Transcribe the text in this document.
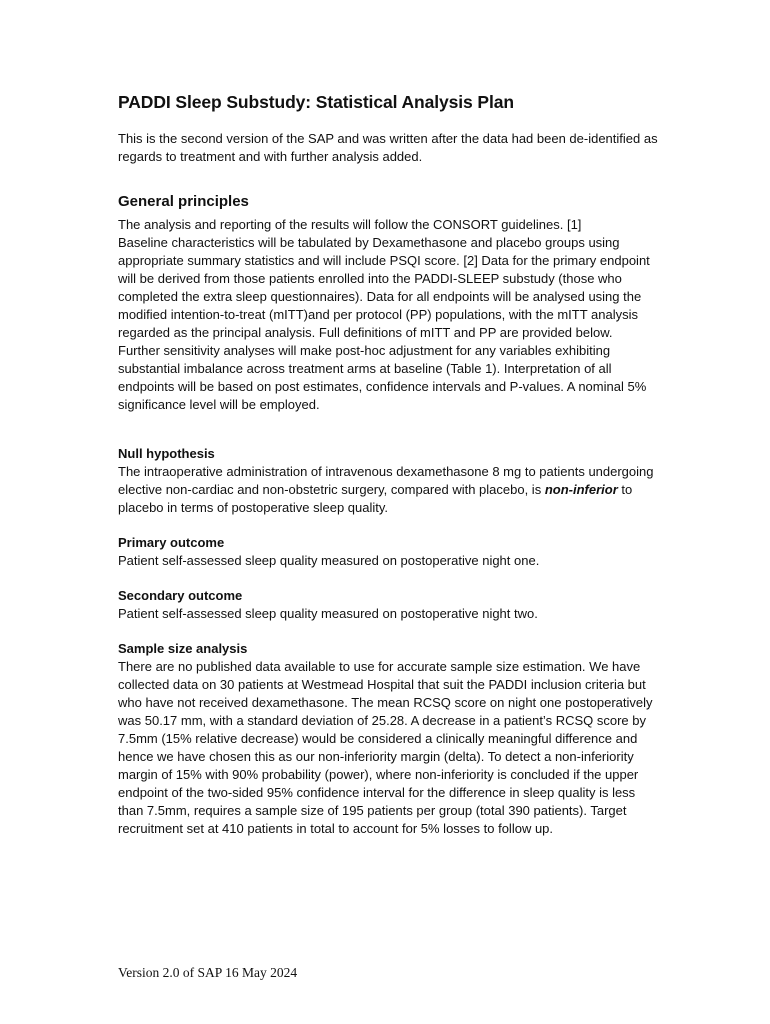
PADDI Sleep Substudy: Statistical Analysis Plan

This is the second version of the SAP and was written after the data had been de-identified as regards to treatment and with further analysis added.

General principles

The analysis and reporting of the results will follow the CONSORT guidelines. [1]

Baseline characteristics will be tabulated by Dexamethasone and placebo groups using appropriate summary statistics and will include PSQI score. [2] Data for the primary endpoint will be derived from those patients enrolled into the PADDI-SLEEP substudy (those who completed the extra sleep questionnaires). Data for all endpoints will be analysed using the modified intention-to-treat (mITT)and per protocol (PP) populations, with the mITT analysis regarded as the principal analysis. Full definitions of mITT and PP are provided below.

Further sensitivity analyses will make post-hoc adjustment for any variables exhibiting substantial imbalance across treatment arms at baseline (Table 1). Interpretation of all endpoints will be based on post estimates, confidence intervals and P-values. A nominal 5% significance level will be employed.

Null hypothesis

The intraoperative administration of intravenous dexamethasone 8 mg to patients undergoing elective non-cardiac and non-obstetric surgery, compared with placebo, is non-inferior to placebo in terms of postoperative sleep quality.

Primary outcome

Patient self-assessed sleep quality measured on postoperative night one.

Secondary outcome

Patient self-assessed sleep quality measured on postoperative night two.

Sample size analysis

There are no published data available to use for accurate sample size estimation. We have collected data on 30 patients at Westmead Hospital that suit the PADDI inclusion criteria but who have not received dexamethasone. The mean RCSQ score on night one postoperatively was 50.17 mm, with a standard deviation of 25.28. A decrease in a patient’s RCSQ score by 7.5mm (15% relative decrease) would be considered a clinically meaningful difference and hence we have chosen this as our non-inferiority margin (delta). To detect a non-inferiority margin of 15% with 90% probability (power), where non-inferiority is concluded if the upper endpoint of the two-sided 95% confidence interval for the difference in sleep quality is less than 7.5mm, requires a sample size of 195 patients per group (total 390 patients). Target recruitment set at 410 patients in total to account for 5% losses to follow up.

Version 2.0 of SAP 16 May 2024
